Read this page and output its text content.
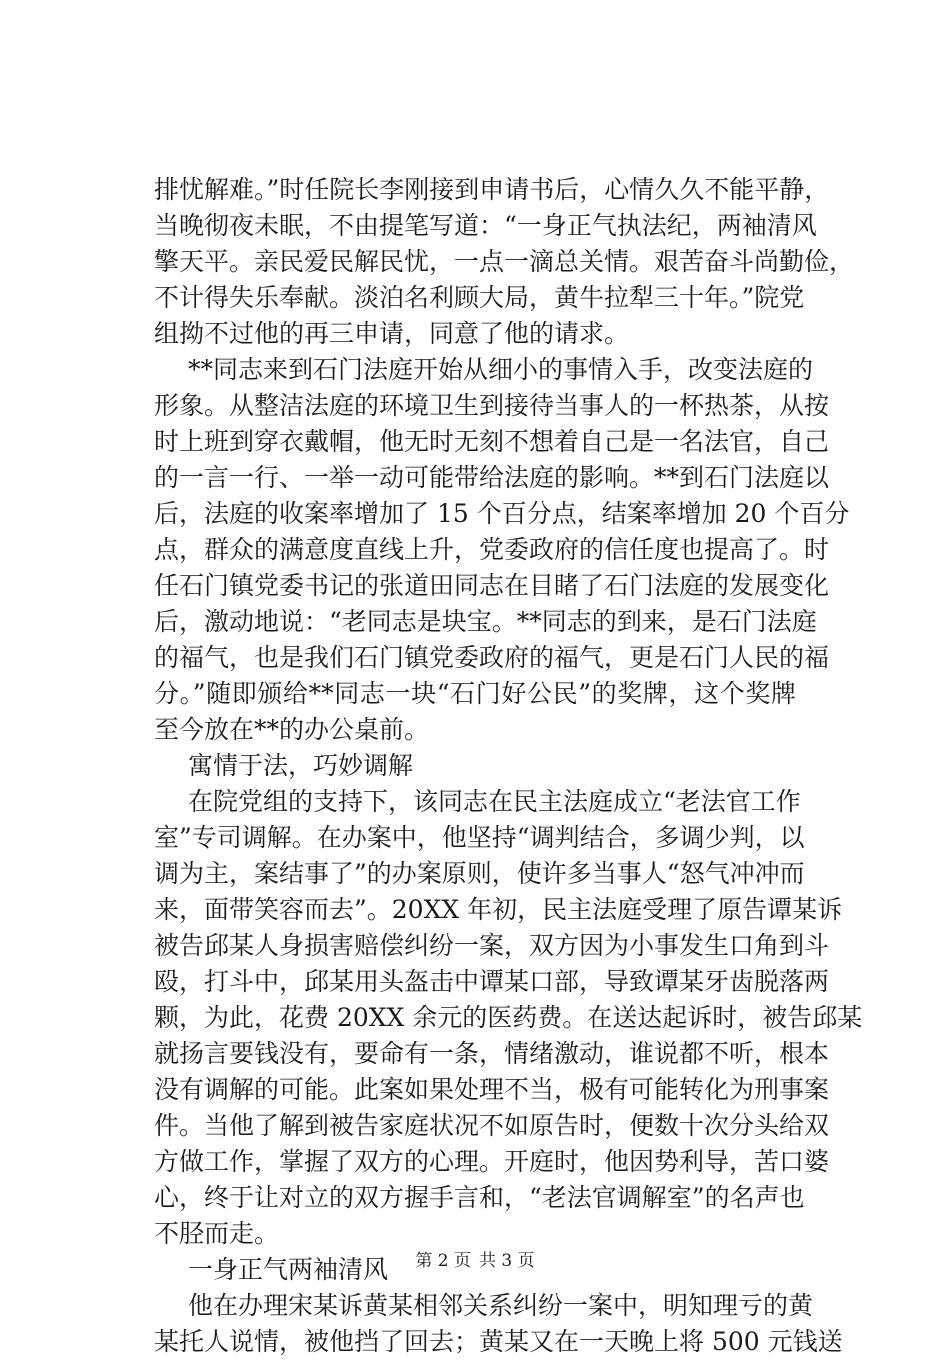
排忧解难。”时任院长李刚接到申请书后，心情久久不能平静，
当晚彻夜未眠，不由提笔写道：“一身正气执法纪，两袖清风
擎天平。亲民爱民解民忧，一点一滴总关情。艰苦奋斗尚勤俭，
不计得失乐奉献。淡泊名利顾大局，黄牛拉犁三十年。”院党
组拗不过他的再三申请，同意了他的请求。
**同志来到石门法庭开始从细小的事情入手，改变法庭的
形象。从整洁法庭的环境卫生到接待当事人的一杯热茶，从按
时上班到穿衣戴帽，他无时无刻不想着自己是一名法官，自己
的一言一行、一举一动可能带给法庭的影响。**到石门法庭以
后，法庭的收案率增加了 15 个百分点，结案率增加 20 个百分
点，群众的满意度直线上升，党委政府的信任度也提高了。时
任石门镇党委书记的张道田同志在目睹了石门法庭的发展变化
后，激动地说：“老同志是块宝。**同志的到来，是石门法庭
的福气，也是我们石门镇党委政府的福气，更是石门人民的福
分。”随即颁给**同志一块“石门好公民”的奖牌，这个奖牌
至今放在**的办公桌前。
寓情于法，巧妙调解
在院党组的支持下，该同志在民主法庭成立“老法官工作
室”专司调解。在办案中，他坚持“调判结合，多调少判，以
调为主，案结事了”的办案原则，使许多当事人“怒气冲冲而
来，面带笑容而去”。20XX 年初，民主法庭受理了原告谭某诉
被告邱某人身损害赔偿纠纷一案，双方因为小事发生口角到斗
殴，打斗中，邱某用头盔击中谭某口部，导致谭某牙齿脱落两
颗，为此，花费 20XX 余元的医药费。在送达起诉时，被告邱某
就扬言要钱没有，要命有一条，情绪激动，谁说都不听，根本
没有调解的可能。此案如果处理不当，极有可能转化为刑事案
件。当他了解到被告家庭状况不如原告时，便数十次分头给双
方做工作，掌握了双方的心理。开庭时，他因势利导，苦口婆
心，终于让对立的双方握手言和，“老法官调解室”的名声也
不胫而走。
一身正气两袖清风
他在办理宋某诉黄某相邻关系纠纷一案中，明知理亏的黄
某托人说情，被他挡了回去；黄某又在一天晚上将 500 元钱送
第 2 页 共 3 页
